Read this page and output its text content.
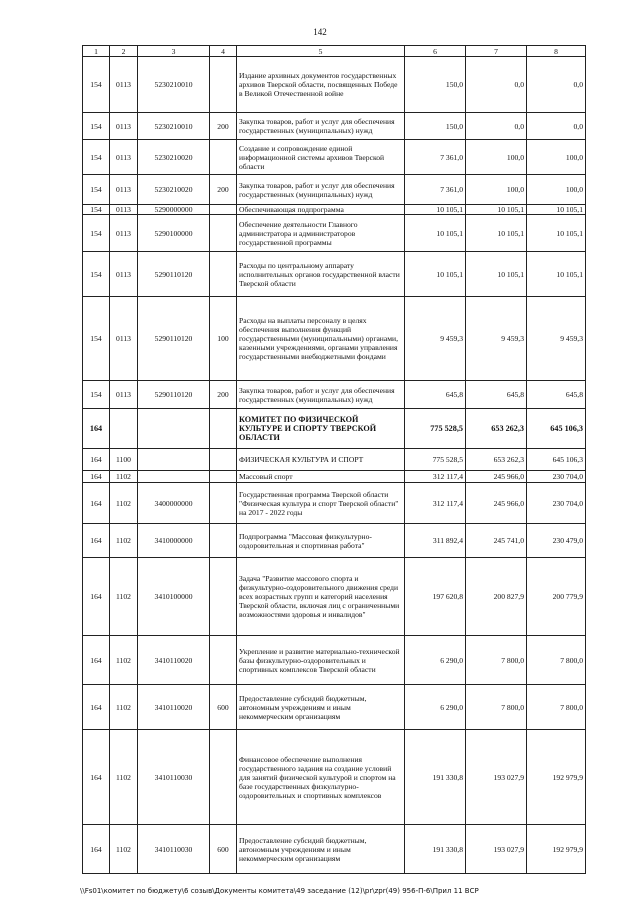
142
1	2	3	4	5	6	7	8
154	0113	5230210010		Издание архивных документов государственных архивов Тверской области, посвященных Победе в Великой Отечественной войне	150,0	0,0	0,0
154	0113	5230210010	200	Закупка товаров, работ и услуг для обеспечения государственных (муниципальных) нужд	150,0	0,0	0,0
154	0113	5230210020		Создание и сопровождение единой информационной системы архивов Тверской области	7 361,0	100,0	100,0
154	0113	5230210020	200	Закупка товаров, работ и услуг для обеспечения государственных (муниципальных) нужд	7 361,0	100,0	100,0
154	0113	5290000000		Обеспечивающая подпрограмма	10 105,1	10 105,1	10 105,1
154	0113	5290100000		Обеспечение деятельности Главного администратора и администраторов государственной программы	10 105,1	10 105,1	10 105,1
154	0113	5290110120		Расходы по центральному аппарату исполнительных органов государственной власти Тверской области	10 105,1	10 105,1	10 105,1
154	0113	5290110120	100	Расходы на выплаты персоналу в целях обеспечения выполнения функций государственными (муниципальными) органами, казенными учреждениями, органами управления государственными внебюджетными фондами	9 459,3	9 459,3	9 459,3
154	0113	5290110120	200	Закупка товаров, работ и услуг для обеспечения государственных (муниципальных) нужд	645,8	645,8	645,8
164				КОМИТЕТ ПО ФИЗИЧЕСКОЙ КУЛЬТУРЕ И СПОРТУ ТВЕРСКОЙ ОБЛАСТИ	775 528,5	653 262,3	645 106,3
164	1100			ФИЗИЧЕСКАЯ КУЛЬТУРА И СПОРТ	775 528,5	653 262,3	645 106,3
164	1102			Массовый спорт	312 117,4	245 966,0	230 704,0
164	1102	3400000000		Государственная программа Тверской области "Физическая культура и спорт Тверской области" на 2017 - 2022 годы	312 117,4	245 966,0	230 704,0
164	1102	3410000000		Подпрограмма "Массовая физкультурно-оздоровительная и спортивная работа"	311 892,4	245 741,0	230 479,0
164	1102	3410100000		Задача "Развитие массового спорта и физкультурно-оздоровительного движения среди всех возрастных групп и категорий населения Тверской области, включая лиц с ограниченными возможностями здоровья и инвалидов"	197 620,8	200 827,9	200 779,9
164	1102	3410110020		Укрепление и развитие материально-технической базы физкультурно-оздоровительных и спортивных комплексов Тверской области	6 290,0	7 800,0	7 800,0
164	1102	3410110020	600	Предоставление субсидий бюджетным, автономным учреждениям и иным некоммерческим организациям	6 290,0	7 800,0	7 800,0
164	1102	3410110030		Финансовое обеспечение выполнения государственного задания на создание условий для занятий физической культурой и спортом на базе государственных физкультурно-оздоровительных и спортивных комплексов	191 330,8	193 027,9	192 979,9
164	1102	3410110030	600	Предоставление субсидий бюджетным, автономным учреждениям и иным некоммерческим организациям	191 330,8	193 027,9	192 979,9
\\Fs01\комитет по бюджету\6 созыв\Документы комитета\49 заседание (12)\pr\zpr(49) 956-П-6\Прил 11 ВСР
